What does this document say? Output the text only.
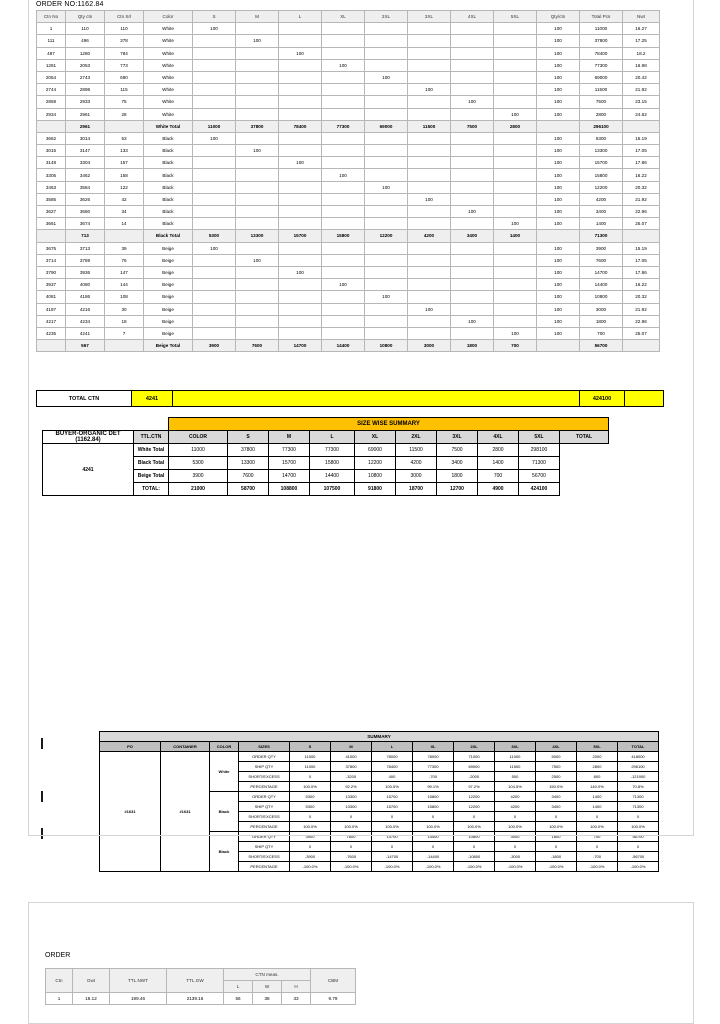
ORDER NO:1162.84
Ctn No	Qty ctn	Ctn Srl	Color	S	M	L	XL	2XL	3XL	4XL	5XL	Qty/ctn	Total Pcs	Nwt
1	110	110	White	100								100	11000	16.27
111	496	378	White		100							100	37800	17.25
487	1280	784	White			100						100	78400	18.2
1281	2053	773	White				100					100	77300	16.98
2054	2743	690	White					100				100	69000	20.42
2744	2898	115	White						100			100	11500	21.92
2859	2933	75	White							100		100	7500	23.15
2934	2961	28	White								100	100	2800	24.62
	2961		White Total	11000	37800	78400	77300	69000	11500	7500	2800		296100	
3662	3014	53	Black	100								100	5300	15.19
3015	3147	133	Black		100							100	13300	17.05
3148	3304	157	Black			100						100	15700	17.86
3305	3462	158	Black				100					100	15800	16.22
3463	3584	122	Black					100				100	12200	20.32
3585	3626	42	Black						100			100	4200	21.92
3627	3660	34	Black							100		100	3400	22.96
3661	3674	14	Black								100	100	1400	25.07
	713		Black Total	5300	13300	15700	15800	12200	4200	3400	1400		71300	
3675	3713	39	Beige	100								100	3900	15.19
3714	3789	76	Beige		100							100	7600	17.05
3790	3936	147	Beige			100						100	14700	17.86
3937	4080	144	Beige				100					100	14400	16.22
4081	4186	108	Beige					100				100	10800	20.32
4187	4216	30	Beige						100			100	3000	21.92
4217	4234	18	Beige							100		100	1800	22.96
4235	4241	7	Beige								100	100	700	25.07
	567		Beige Total	3900	7600	14700	14400	10800	3000	1800	700		56700	
TOTAL CTN	4241		424100	
		SIZE WISE SUMMARY									
BUYER-ORGANIC DET (1162.84)	TTL.CTN	COLOR	S	M	L	XL	2XL	3XL	4XL	5XL	TOTAL
4241	White Total	11000	37800	77300	77300	69000	11500	7500	2800	298100	
	Black Total	5300	13300	15700	15800	12200	4200	3400	1400	71300	
	Beige Total	3900	7600	14700	14400	10800	3000	1800	700	56700	
	TOTAL:	21000	58700	108800	107500	91800	18700	12700	4900	424100	
SUMMARY												
PO	CONTAINER	COLOR	SIZES	S	M	L	XL	2XL	3XL	4XL	5XL	TOTAL
#1631	#1631	White	ORDER QTY	11000	41000	78000	78000	71000	11000	5000	2000	418000
			SHIP QTY	11000	37800	78400	77300	69000	11500	7500	2800	296100
			SHORT/EXCESS	0	-3200	400	-700	-2000	500	2500	800	-121900
			PERCENTAGE	100.0%	92.2%	100.5%	99.1%	97.2%	104.5%	150.0%	140.0%	70.8%
		Black	ORDER QTY	5300	13300	15700	15800	12200	4200	3400	1400	71300
			SHIP QTY	5300	13300	15700	15800	12200	4200	3400	1400	71300
			SHORT/EXCESS	0	0	0	0	0	0	0	0	0
			PERCENTAGE	100.0%	100.0%	100.0%	100.0%	100.0%	100.0%	100.0%	100.0%	100.0%
		Black	ORDER QTY	3900	7600	14700	14400	10800	3000	1800	700	56700
			SHIP QTY	0	0	0	0	0	0	0	0	0
			SHORT/EXCESS	-3900	-7600	-14700	-14400	-10800	-3000	-1800	-700	-56700
			PERCENTAGE	-100.0%	-100.0%	-100.0%	-100.0%	-100.0%	-100.0%	-100.0%	-100.0%	-100.0%
ORDER
Ctn	Gwt	TTL.NWT	TTL.GW	CTN meas.			CBM
				L	W	H	
1	18.12	199.46	2139.16	56	38	33	9.79
